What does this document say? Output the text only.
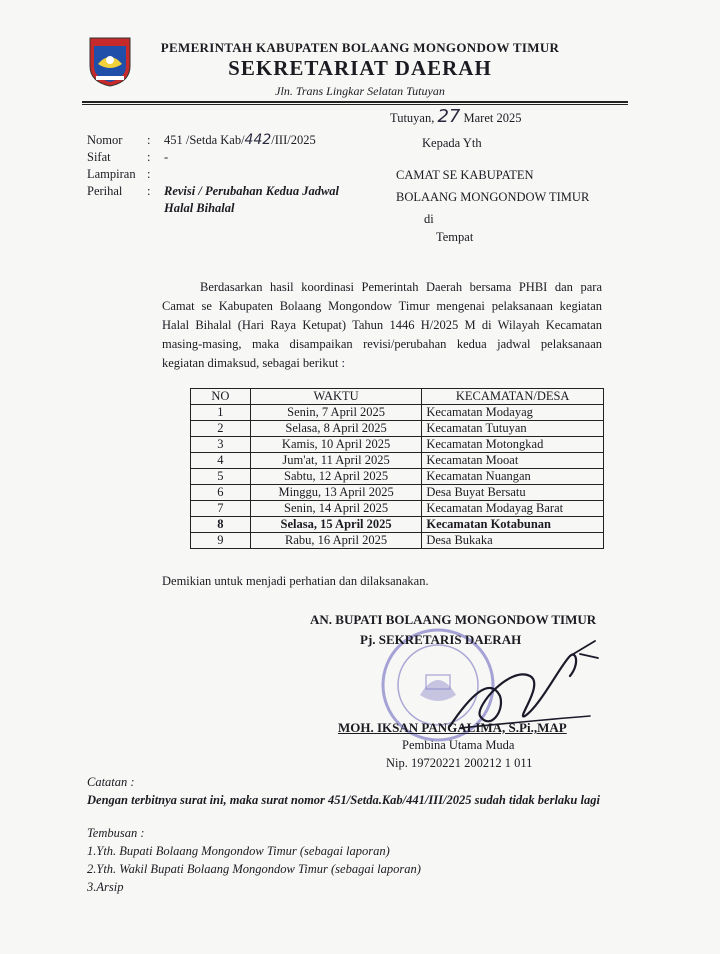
PEMERINTAH KABUPATEN BOLAANG MONGONDOW TIMUR
SEKRETARIAT DAERAH
Jln. Trans Lingkar Selatan Tutuyan
Tutuyan, 27 Maret 2025
Nomor	: 451 /Setda Kab/442/III/2025
Sifat	: -
Lampiran :
Perihal	: Revisi / Perubahan Kedua Jadwal
Halal Bihalal
Kepada Yth
CAMAT SE KABUPATEN
BOLAANG MONGONDOW TIMUR
di
Tempat
Berdasarkan hasil koordinasi Pemerintah Daerah bersama PHBI dan para Camat se Kabupaten Bolaang Mongondow Timur mengenai pelaksanaan kegiatan Halal Bihalal (Hari Raya Ketupat) Tahun 1446 H/2025 M di Wilayah Kecamatan masing-masing, maka disampaikan revisi/perubahan kedua jadwal pelaksanaan kegiatan dimaksud, sebagai berikut :
NO	WAKTU	KECAMATAN/DESA
1	Senin, 7 April 2025	Kecamatan Modayag
2	Selasa, 8 April 2025	Kecamatan Tutuyan
3	Kamis, 10 April 2025	Kecamatan Motongkad
4	Jum'at, 11 April 2025	Kecamatan Mooat
5	Sabtu, 12 April 2025	Kecamatan Nuangan
6	Minggu, 13 April 2025	Desa Buyat Bersatu
7	Senin, 14 April 2025	Kecamatan Modayag Barat
8	Selasa, 15 April 2025	Kecamatan Kotabunan
9	Rabu, 16 April 2025	Desa Bukaka
Demikian untuk menjadi perhatian dan dilaksanakan.
AN. BUPATI BOLAANG MONGONDOW TIMUR
Pj. SEKRETARIS DAERAH
MOH. IKSAN PANGALIMA, S.Pi.,MAP
Pembina Utama Muda
Nip. 19720221 200212 1 011
Catatan :
Dengan terbitnya surat ini, maka surat nomor 451/Setda.Kab/441/III/2025 sudah tidak berlaku lagi
Tembusan :
1.Yth. Bupati Bolaang Mongondow Timur (sebagai laporan)
2.Yth. Wakil Bupati Bolaang Mongondow Timur (sebagai laporan)
3.Arsip
